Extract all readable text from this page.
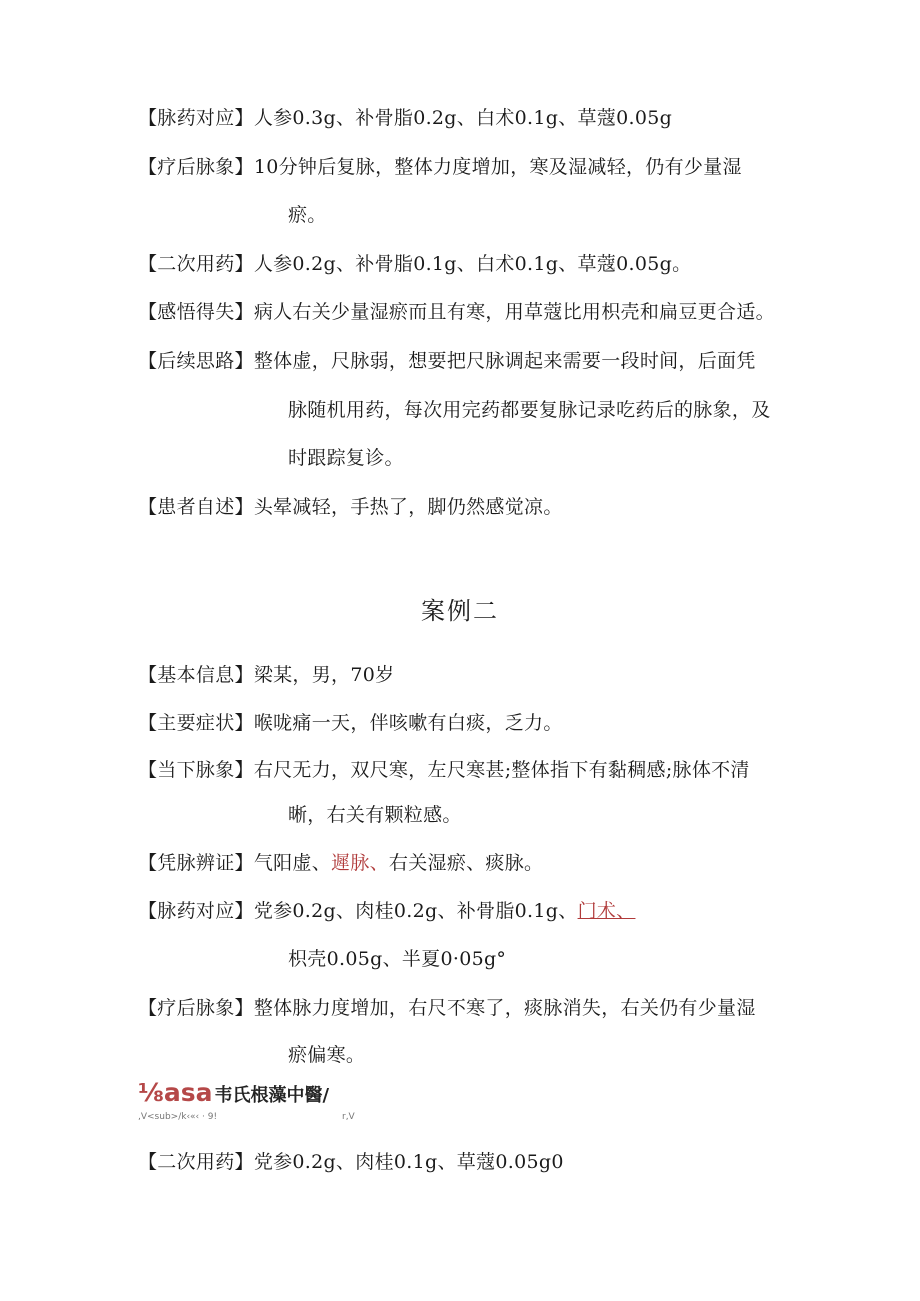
【脉药对应】人参0.3g、补骨脂0.2g、白术0.1g、草蔻0.05g
【疗后脉象】10分钟后复脉，整体力度增加，寒及湿减轻，仍有少量湿
瘀。
【二次用药】人参0.2g、补骨脂0.1g、白术0.1g、草蔻0.05g。
【感悟得失】病人右关少量湿瘀而且有寒，用草蔻比用枳壳和扁豆更合适。
【后续思路】整体虚，尺脉弱，想要把尺脉调起来需要一段时间，后面凭
脉随机用药，每次用完药都要复脉记录吃药后的脉象，及
时跟踪复诊。
【患者自述】头晕减轻，手热了，脚仍然感觉凉。
案例二
【基本信息】梁某，男，70岁
【主要症状】喉咙痛一天，伴咳嗽有白痰，乏力。
【当下脉象】右尺无力，双尺寒，左尺寒甚;整体指下有黏稠感;脉体不清
晰，右关有颗粒感。
【凭脉辨证】气阳虚、遲脉、右关湿瘀、痰脉。
【脉药对应】党参0.2g、肉桂0.2g、补骨脂0.1g、门术、
枳壳0.05g、半夏0·05g°
【疗后脉象】整体脉力度增加，右尺不寒了，痰脉消失，右关仍有少量湿
瘀偏寒。
⅛asa 韦氏根藻中醫/
,V<sub>/k‹«‹ · 9!	r,V
【二次用药】党参0.2g、肉桂0.1g、草蔻0.05g0
